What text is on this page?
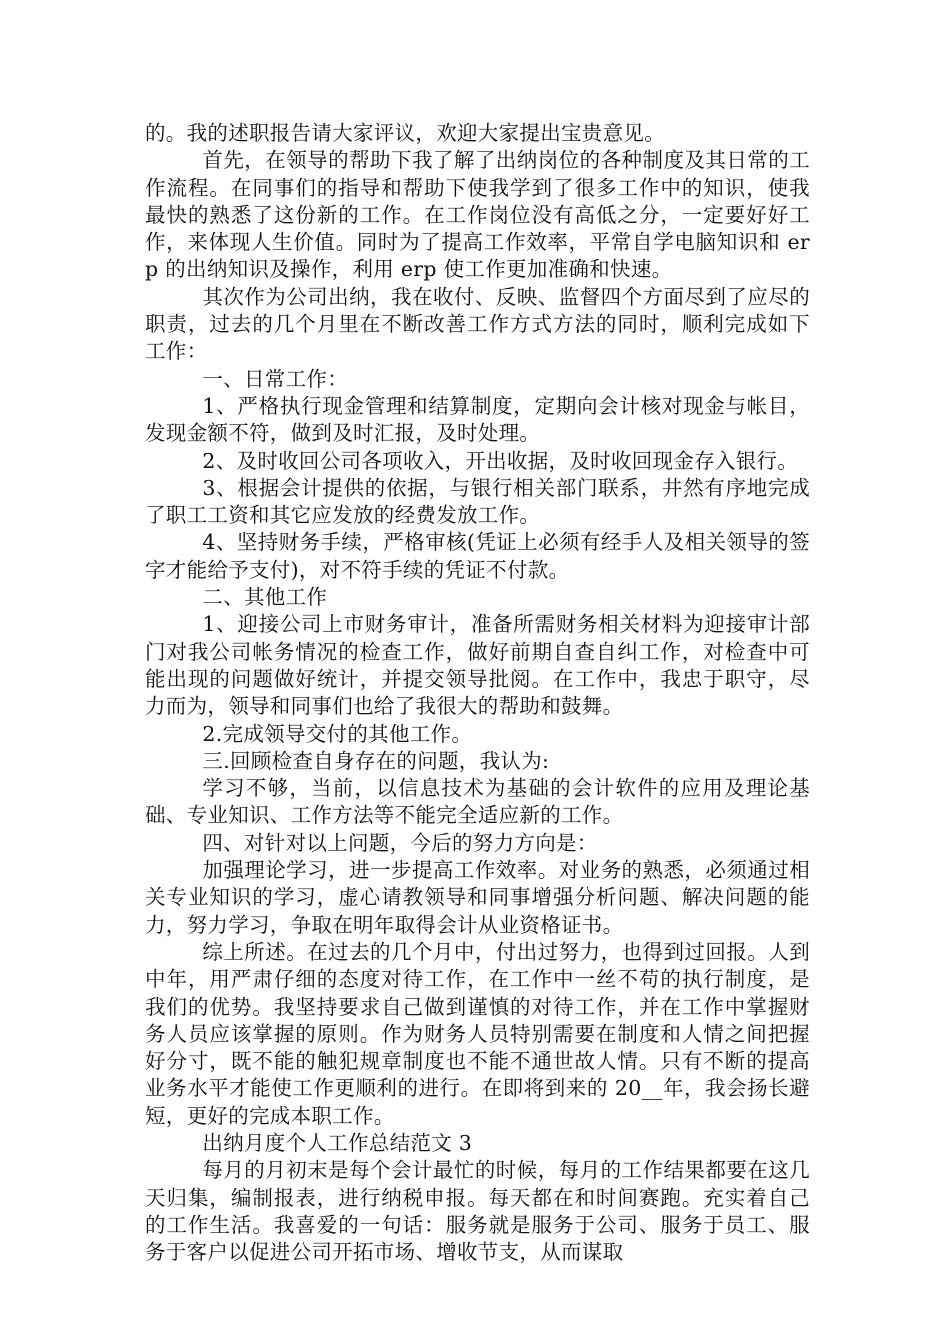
的。我的述职报告请大家评议，欢迎大家提出宝贵意见。

首先，在领导的帮助下我了解了出纳岗位的各种制度及其日常的工作流程。在同事们的指导和帮助下使我学到了很多工作中的知识，使我最快的熟悉了这份新的工作。在工作岗位没有高低之分，一定要好好工作，来体现人生价值。同时为了提高工作效率，平常自学电脑知识和 erp 的出纳知识及操作，利用 erp 使工作更加准确和快速。

其次作为公司出纳，我在收付、反映、监督四个方面尽到了应尽的职责，过去的几个月里在不断改善工作方式方法的同时，顺利完成如下工作：

一、日常工作：

1、严格执行现金管理和结算制度，定期向会计核对现金与帐目，发现金额不符，做到及时汇报，及时处理。

2、及时收回公司各项收入，开出收据，及时收回现金存入银行。

3、根据会计提供的依据，与银行相关部门联系，井然有序地完成了职工工资和其它应发放的经费发放工作。

4、坚持财务手续，严格审核(凭证上必须有经手人及相关领导的签字才能给予支付)，对不符手续的凭证不付款。

二、其他工作

1、迎接公司上市财务审计，准备所需财务相关材料为迎接审计部门对我公司帐务情况的检查工作，做好前期自查自纠工作，对检查中可能出现的问题做好统计，并提交领导批阅。在工作中，我忠于职守，尽力而为，领导和同事们也给了我很大的帮助和鼓舞。

2.完成领导交付的其他工作。

三.回顾检查自身存在的问题，我认为:

学习不够，当前，以信息技术为基础的会计软件的应用及理论基础、专业知识、工作方法等不能完全适应新的工作。

四、对针对以上问题，今后的努力方向是：

加强理论学习，进一步提高工作效率。对业务的熟悉，必须通过相关专业知识的学习，虚心请教领导和同事增强分析问题、解决问题的能力，努力学习，争取在明年取得会计从业资格证书。

综上所述。在过去的几个月中，付出过努力，也得到过回报。人到中年，用严肃仔细的态度对待工作，在工作中一丝不苟的执行制度，是我们的优势。我坚持要求自己做到谨慎的对待工作，并在工作中掌握财务人员应该掌握的原则。作为财务人员特别需要在制度和人情之间把握好分寸，既不能的触犯规章制度也不能不通世故人情。只有不断的提高业务水平才能使工作更顺利的进行。在即将到来的 20__年，我会扬长避短，更好的完成本职工作。

出纳月度个人工作总结范文 3

每月的月初末是每个会计最忙的时候，每月的工作结果都要在这几天归集，编制报表，进行纳税申报。每天都在和时间赛跑。充实着自己的工作生活。我喜爱的一句话：服务就是服务于公司、服务于员工、服务于客户以促进公司开拓市场、增收节支，从而谋取
